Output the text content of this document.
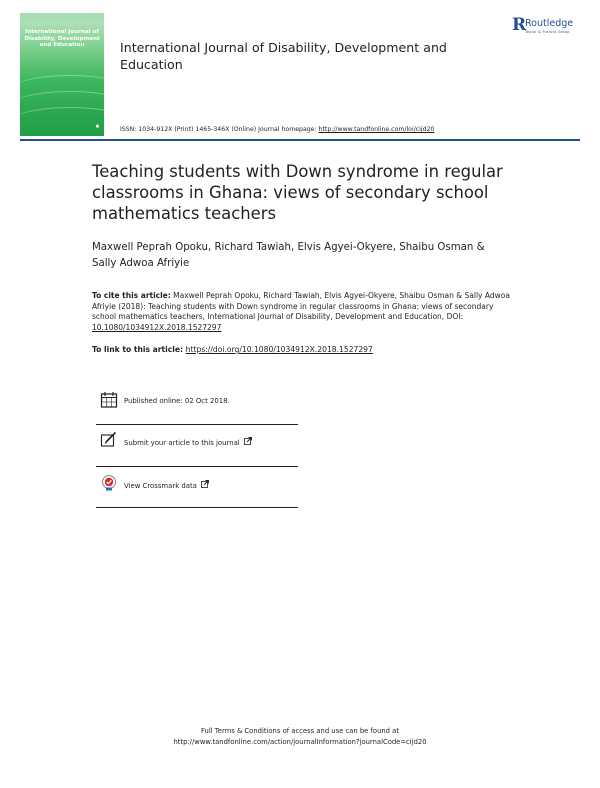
International Journal of Disability, Development and Education
■
International Journal of Disability, Development and Education
R
Routledge
Taylor & Francis Group
ISSN: 1034-912X (Print) 1465-346X (Online) Journal homepage: http://www.tandfonline.com/loi/cijd20
Teaching students with Down syndrome in regular classrooms in Ghana: views of secondary school mathematics teachers
Maxwell Peprah Opoku, Richard Tawiah, Elvis Agyei-Okyere, Shaibu Osman & Sally Adwoa Afriyie
To cite this article: Maxwell Peprah Opoku, Richard Tawiah, Elvis Agyei-Okyere, Shaibu Osman & Sally Adwoa Afriyie (2018): Teaching students with Down syndrome in regular classrooms in Ghana: views of secondary school mathematics teachers, International Journal of Disability, Development and Education, DOI: 10.1080/1034912X.2018.1527297
To link to this article: https://doi.org/10.1080/1034912X.2018.1527297
Published online: 02 Oct 2018.
Submit your article to this journal
View Crossmark data
Full Terms & Conditions of access and use can be found at
http://www.tandfonline.com/action/journalInformation?journalCode=cijd20
